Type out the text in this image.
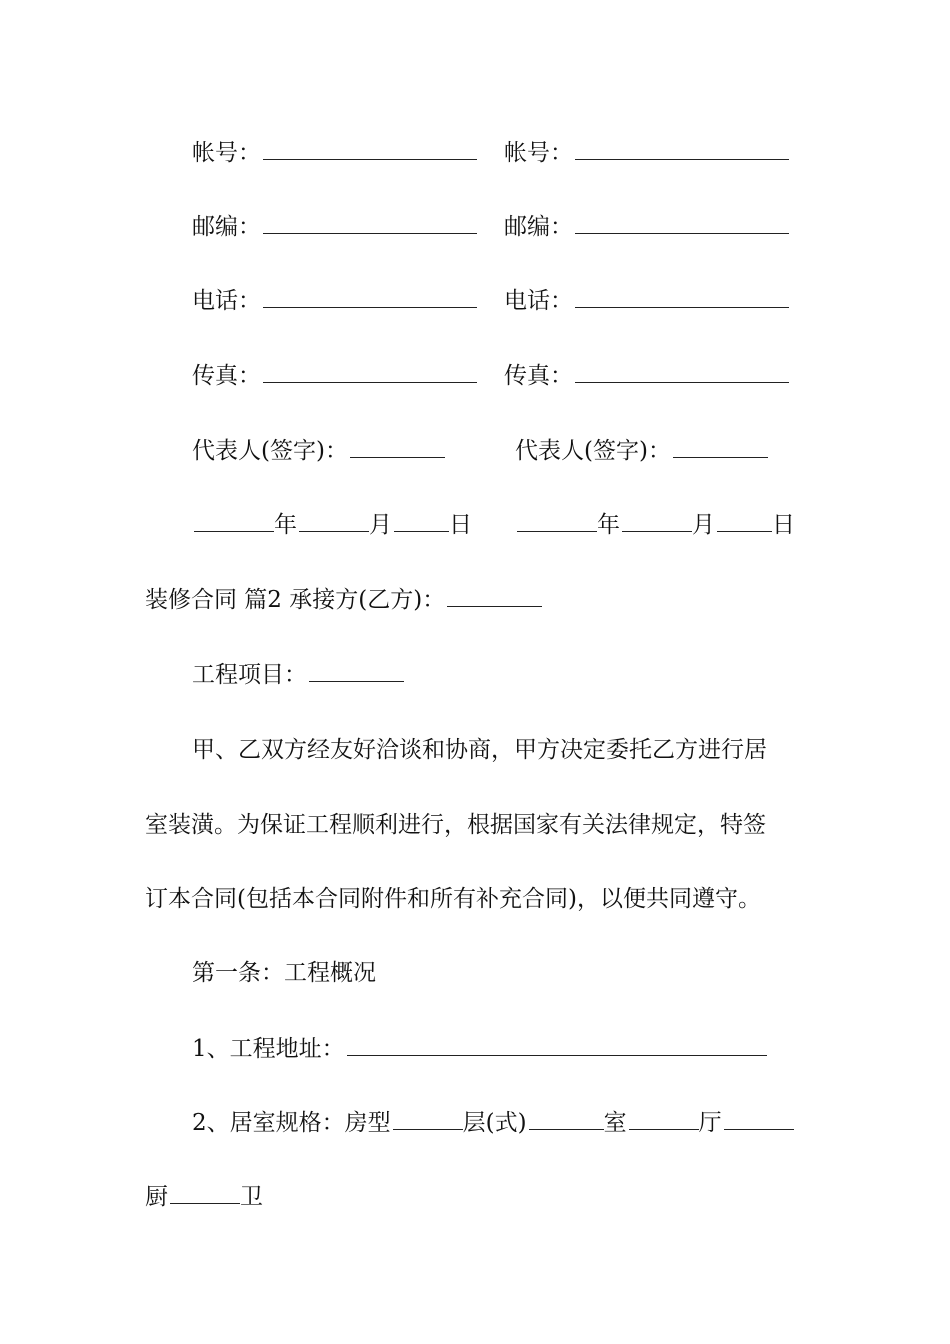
帐号：	帐号：
邮编：	邮编：
电话：	电话：
传真：	传真：
代表人(签字)：	代表人(签字)：
年	月 日	年	月 日
装修合同 篇2 承接方(乙方)：
工程项目：
甲、乙双方经友好洽谈和协商，甲方决定委托乙方进行居
室装潢。为保证工程顺利进行，根据国家有关法律规定，特签
订本合同(包括本合同附件和所有补充合同)，以便共同遵守。
第一条：工程概况
1、工程地址：
2、居室规格：房型	层(式)	室	厅
厨	卫
